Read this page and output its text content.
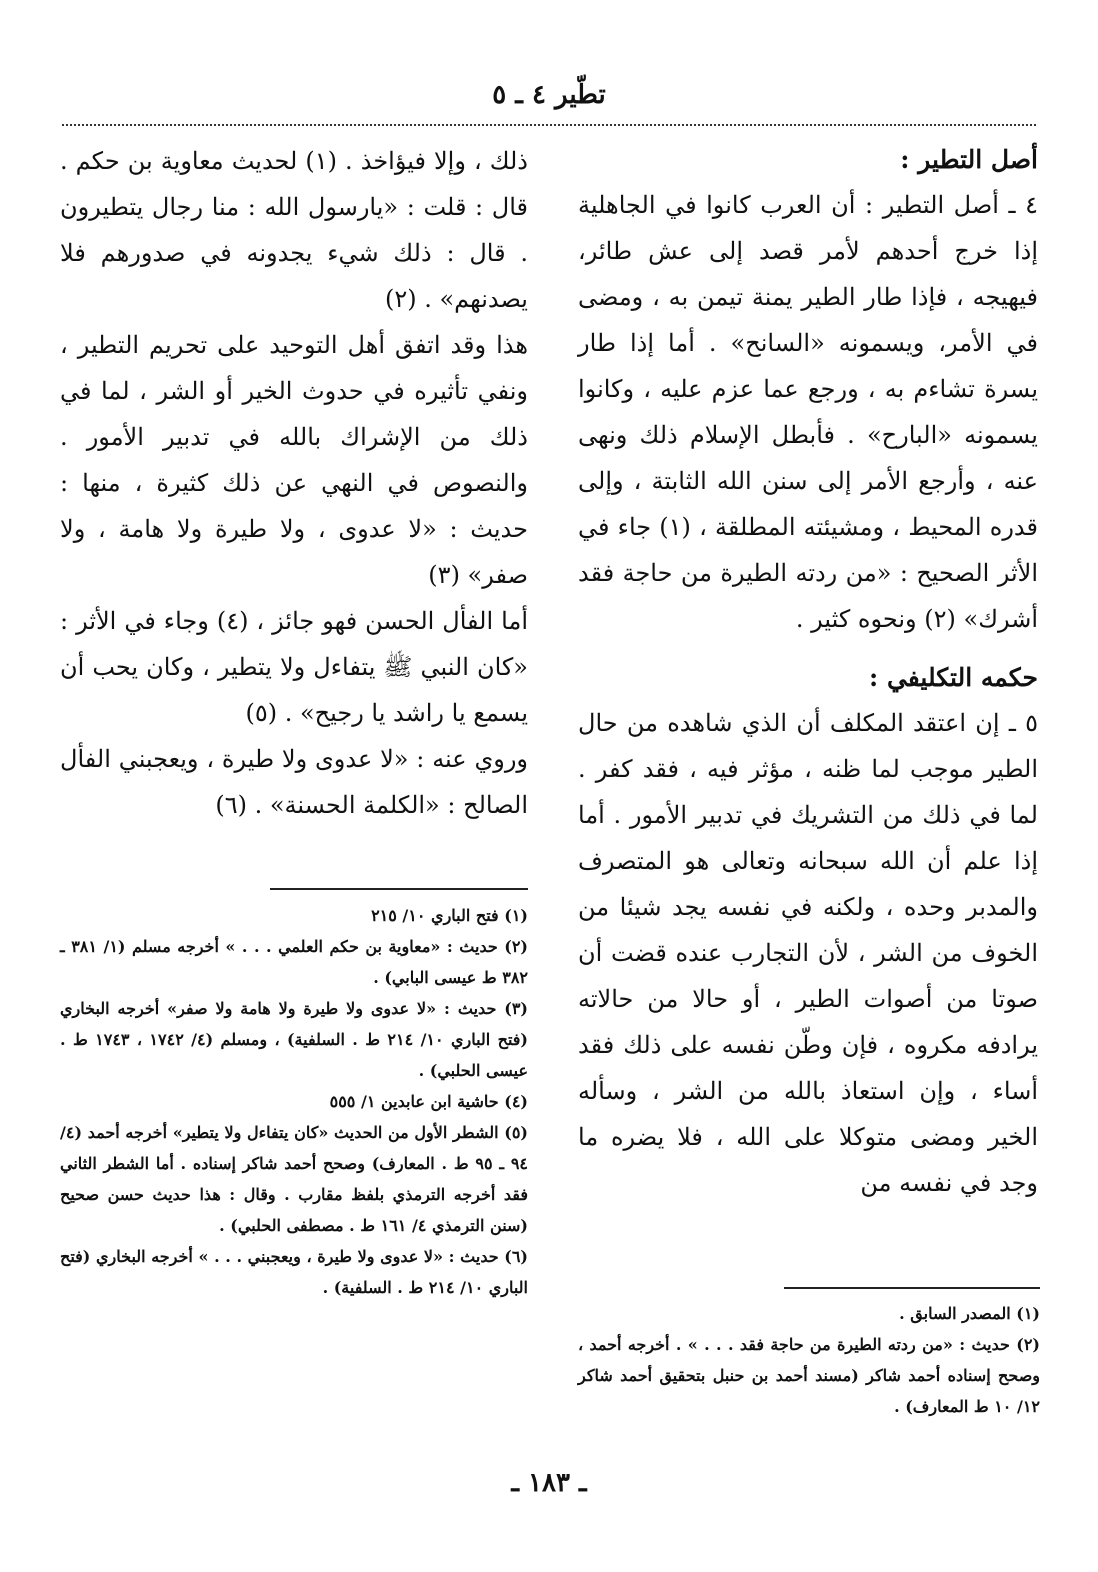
تطّير ٤ ـ ٥

أصل التطير :

٤ ـ أصل التطير : أن العرب كانوا في الجاهلية إذا خرج أحدهم لأمر قصد إلى عش طائر، فيهيجه ، فإذا طار الطير يمنة تيمن به ، ومضى في الأمر، ويسمونه «السانح» . أما إذا طار يسرة تشاءم به ، ورجع عما عزم عليه ، وكانوا يسمونه «البارح» . فأبطل الإسلام ذلك ونهى عنه ، وأرجع الأمر إلى سنن الله الثابتة ، وإلى قدره المحيط ، ومشيئته المطلقة ، (١) جاء في الأثر الصحيح : «من ردته الطيرة من حاجة فقد أشرك» (٢) ونحوه كثير .

حكمه التكليفي :

٥ ـ إن اعتقد المكلف أن الذي شاهده من حال الطير موجب لما ظنه ، مؤثر فيه ، فقد كفر . لما في ذلك من التشريك في تدبير الأمور . أما إذا علم أن الله سبحانه وتعالى هو المتصرف والمدبر وحده ، ولكنه في نفسه يجد شيئا من الخوف من الشر ، لأن التجارب عنده قضت أن صوتا من أصوات الطير ، أو حالا من حالاته يرادفه مكروه ، فإن وطّن نفسه على ذلك فقد أساء ، وإن استعاذ بالله من الشر ، وسأله الخير ومضى متوكلا على الله ، فلا يضره ما وجد في نفسه من

ذلك ، وإلا فيؤاخذ . (١) لحديث معاوية بن حكم . قال : قلت : «يارسول الله : منا رجال يتطيرون . قال : ذلك شيء يجدونه في صدورهم فلا يصدنهم» . (٢)

هذا وقد اتفق أهل التوحيد على تحريم التطير ، ونفي تأثيره في حدوث الخير أو الشر ، لما في ذلك من الإشراك بالله في تدبير الأمور . والنصوص في النهي عن ذلك كثيرة ، منها : حديث : «لا عدوى ، ولا طيرة ولا هامة ، ولا صفر» (٣)

أما الفأل الحسن فهو جائز ، (٤) وجاء في الأثر : «كان النبي ﷺ يتفاءل ولا يتطير ، وكان يحب أن يسمع يا راشد يا رجيح» . (٥)

وروي عنه : «لا عدوى ولا طيرة ، ويعجبني الفأل الصالح : «الكلمة الحسنة» . (٦)

(١) فتح الباري ١٠/ ٢١٥

(٢) حديث : «معاوية بن حكم العلمي . . . » أخرجه مسلم (١/ ٣٨١ ـ ٣٨٢ ط عيسى البابي) .

(٣) حديث : «لا عدوى ولا طيرة ولا هامة ولا صفر» أخرجه البخاري (فتح الباري ١٠/ ٢١٤ ط . السلفية) ، ومسلم (٤/ ١٧٤٢ ، ١٧٤٣ ط . عيسى الحلبي) .

(٤) حاشية ابن عابدين ١/ ٥٥٥

(٥) الشطر الأول من الحديث «كان يتفاءل ولا يتطير» أخرجه أحمد (٤/ ٩٤ ـ ٩٥ ط . المعارف) وصحح أحمد شاكر إسناده . أما الشطر الثاني فقد أخرجه الترمذي بلفظ مقارب . وقال : هذا حديث حسن صحيح (سنن الترمذي ٤/ ١٦١ ط . مصطفى الحلبي) .

(٦) حديث : «لا عدوى ولا طيرة ، ويعجبني . . . » أخرجه البخاري (فتح الباري ١٠/ ٢١٤ ط . السلفية) .

(١) المصدر السابق .

(٢) حديث : «من ردته الطيرة من حاجة فقد . . . » . أخرجه أحمد ، وصحح إسناده أحمد شاكر (مسند أحمد بن حنبل بتحقيق أحمد شاكر ١٢/ ١٠ ط المعارف) .

ـ ١٨٣ ـ
